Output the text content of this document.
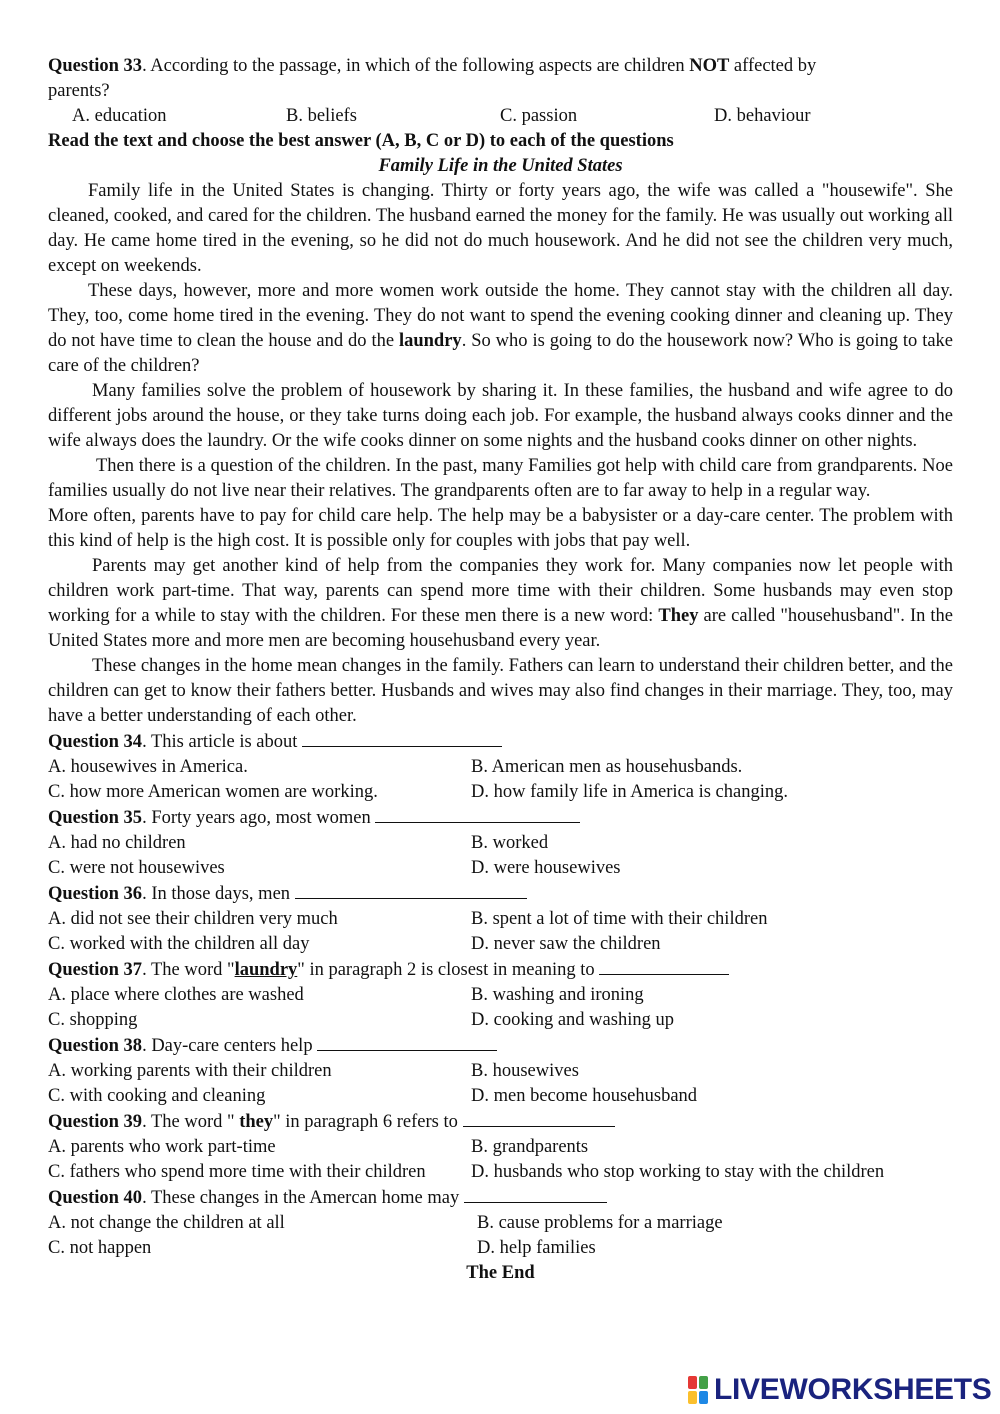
Question 33. According to the passage, in which of the following aspects are children NOT affected by
parents?
A. education	B. beliefs	C. passion	D. behaviour
Read the text and choose the best answer (A, B, C or D) to each of the questions
Family Life in the United States

Family life in the United States is changing. Thirty or forty years ago, the wife was called a "housewife". She cleaned, cooked, and cared for the children. The husband earned the money for the family. He was usually out working all day. He came home tired in the evening, so he did not do much housework. And he did not see the children very much, except on weekends.

These days, however, more and more women work outside the home. They cannot stay with the children all day. They, too, come home tired in the evening. They do not want to spend the evening cooking dinner and cleaning up. They do not have time to clean the house and do the laundry. So who is going to do the housework now? Who is going to take care of the children?

Many families solve the problem of housework by sharing it. In these families, the husband and wife agree to do different jobs around the house, or they take turns doing each job. For example, the husband always cooks dinner and the wife always does the laundry. Or the wife cooks dinner on some nights and the husband cooks dinner on other nights.

Then there is a question of the children. In the past, many Families got help with child care from grandparents. Noe families usually do not live near their relatives. The grandparents often are to far away to help in a regular way.

More often, parents have to pay for child care help. The help may be a babysister or a day-care center. The problem with this kind of help is the high cost. It is possible only for couples with jobs that pay well.

Parents may get another kind of help from the companies they work for. Many companies now let people with children work part-time. That way, parents can spend more time with their children. Some husbands may even stop working for a while to stay with the children. For these men there is a new word: They are called "househusband". In the United States more and more men are becoming househusband every year.

These changes in the home mean changes in the family. Fathers can learn to understand their children better, and the children can get to know their fathers better. Husbands and wives may also find changes in their marriage. They, too, may have a better understanding of each other.

Question 34. This article is about
A. housewives in America.	B. American men as househusbands.
C. how more American women are working.	D. how family life in America is changing.
Question 35. Forty years ago, most women
A. had no children	B. worked
C. were not housewives	D. were housewives
Question 36. In those days, men
A. did not see their children very much	B. spent a lot of time with their children
C. worked with the children all day	D. never saw the children
Question 37. The word "laundry" in paragraph 2 is closest in meaning to
A. place where clothes are washed	B. washing and ironing
C. shopping	D. cooking and washing up
Question 38. Day-care centers help
A. working parents with their children	B. housewives
C. with cooking and cleaning	D. men become househusband
Question 39. The word " they" in paragraph 6 refers to
A. parents who work part-time	B. grandparents
C. fathers who spend more time with their children D. husbands who stop working to stay with the children
Question 40. These changes in the Amercan home may
A. not change the children at all	B. cause problems for a marriage
C. not happen	D. help families
The End
LIVEWORKSHEETS
